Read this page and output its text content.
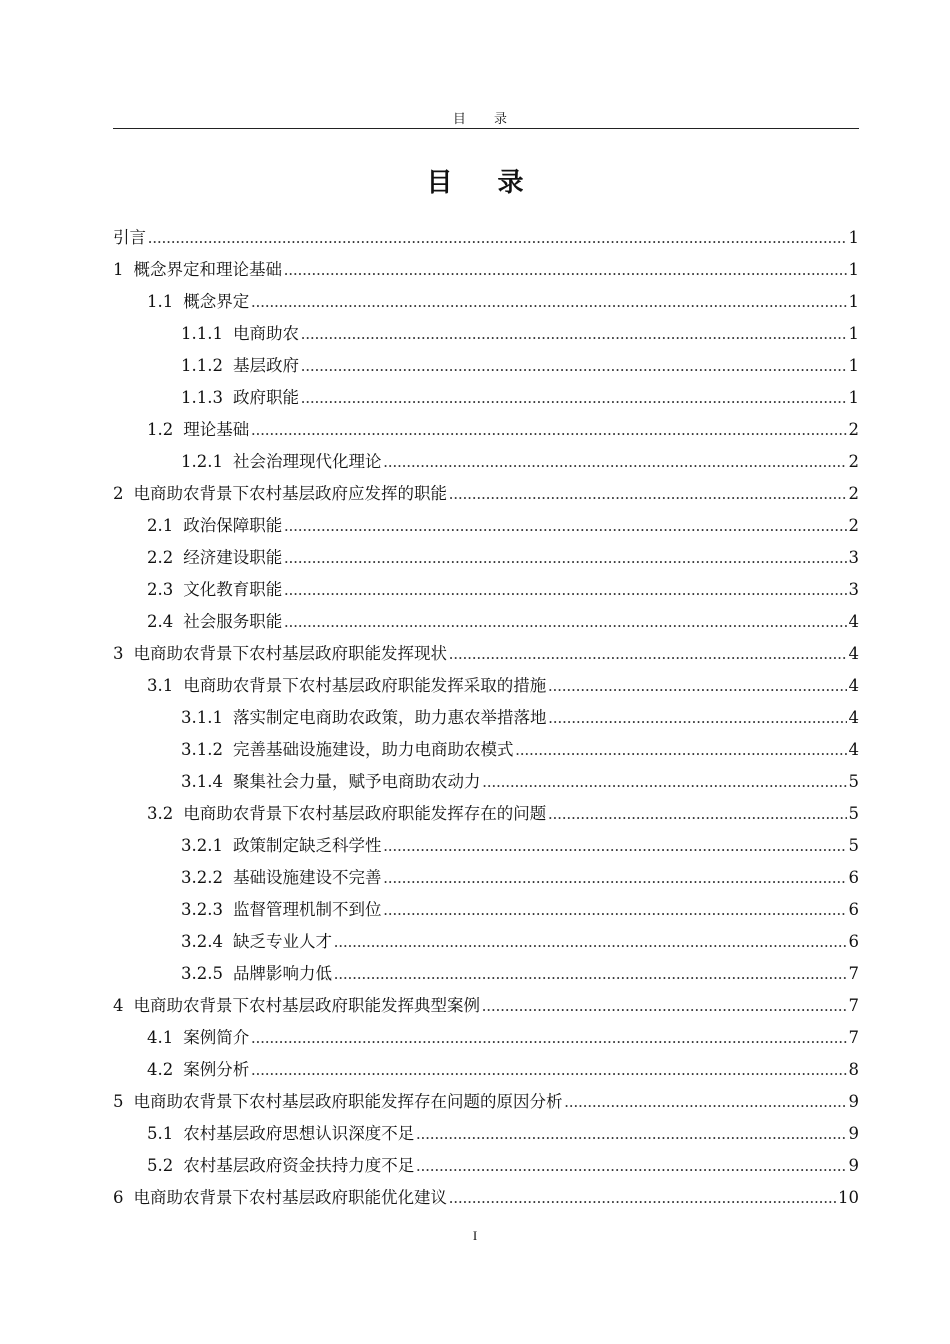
目 录
目 录
引言 .....	1
1 概念界定和理论基础 .....	1
1.1 概念界定 .....	1
1.1.1 电商助农 .....	1
1.1.2 基层政府 .....	1
1.1.3 政府职能 .....	1
1.2 理论基础 .....	2
1.2.1 社会治理现代化理论 .....	2
2 电商助农背景下农村基层政府应发挥的职能 .....	2
2.1 政治保障职能 .....	2
2.2 经济建设职能 .....	3
2.3 文化教育职能 .....	3
2.4 社会服务职能 .....	4
3 电商助农背景下农村基层政府职能发挥现状 .....	4
3.1 电商助农背景下农村基层政府职能发挥采取的措施 .....	4
3.1.1 落实制定电商助农政策，助力惠农举措落地 .....	4
3.1.2 完善基础设施建设，助力电商助农模式 .....	4
3.1.4 聚集社会力量，赋予电商助农动力 .....	5
3.2 电商助农背景下农村基层政府职能发挥存在的问题 .....	5
3.2.1 政策制定缺乏科学性 .....	5
3.2.2 基础设施建设不完善 .....	6
3.2.3 监督管理机制不到位 .....	6
3.2.4 缺乏专业人才 .....	6
3.2.5 品牌影响力低 .....	7
4 电商助农背景下农村基层政府职能发挥典型案例 .....	7
4.1 案例简介 .....	7
4.2 案例分析 .....	8
5 电商助农背景下农村基层政府职能发挥存在问题的原因分析 .....	9
5.1 农村基层政府思想认识深度不足 .....	9
5.2 农村基层政府资金扶持力度不足 .....	9
6 电商助农背景下农村基层政府职能优化建议 .....	10
I
